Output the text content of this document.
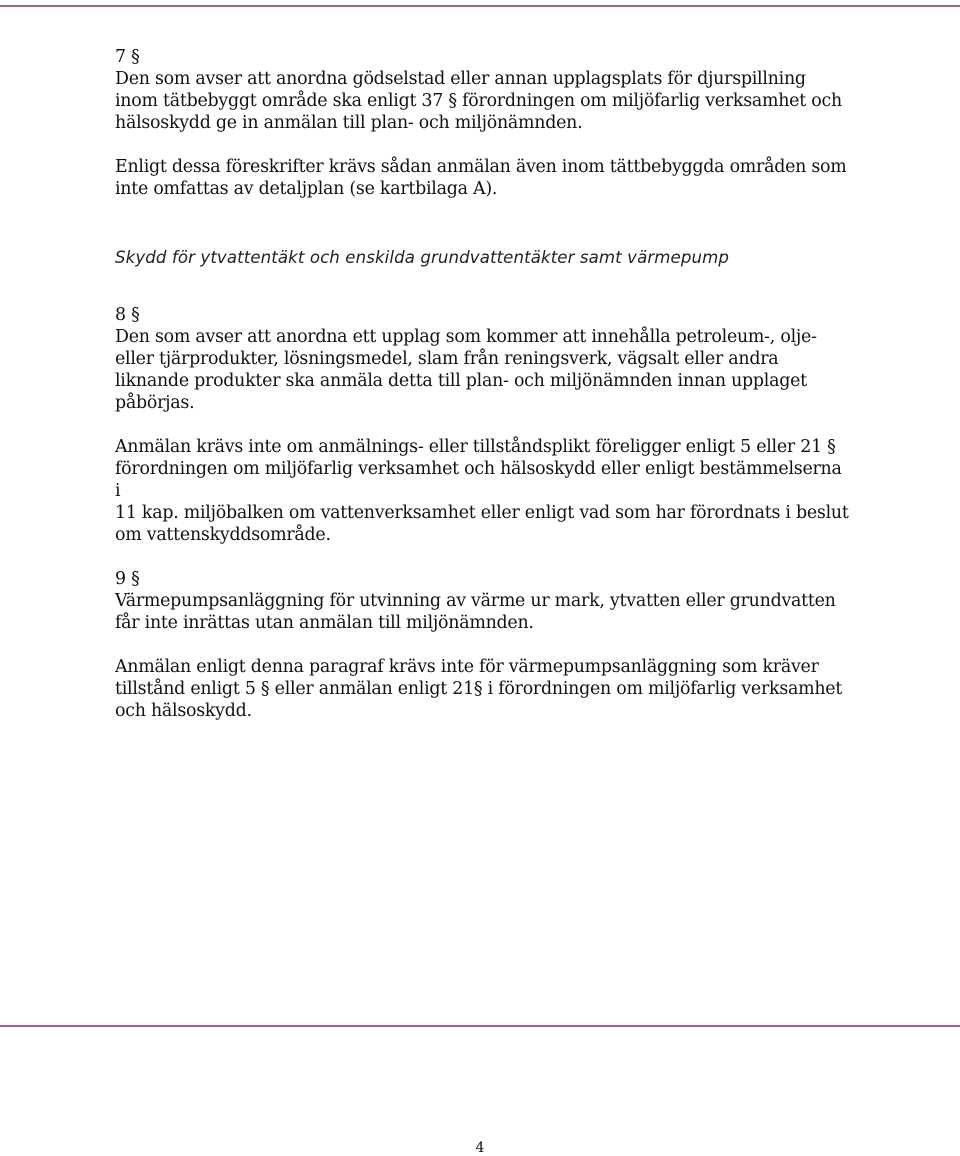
7 §
Den som avser att anordna gödselstad eller annan upplagsplats för djurspillning
inom tätbebyggt område ska enligt 37 § förordningen om miljöfarlig verksamhet och
hälsoskydd ge in anmälan till plan- och miljönämnden.

Enligt dessa föreskrifter krävs sådan anmälan även inom tättbebyggda områden som
inte omfattas av detaljplan (se kartbilaga A).

Skydd för ytvattentäkt och enskilda grundvattentäkter samt värmepump

8 §
Den som avser att anordna ett upplag som kommer att innehålla petroleum-, olje-
eller tjärprodukter, lösningsmedel, slam från reningsverk, vägsalt eller andra
liknande produkter ska anmäla detta till plan- och miljönämnden innan upplaget
påbörjas.

Anmälan krävs inte om anmälnings- eller tillståndsplikt föreligger enligt 5 eller 21 §
förordningen om miljöfarlig verksamhet och hälsoskydd eller enligt bestämmelserna i
11 kap. miljöbalken om vattenverksamhet eller enligt vad som har förordnats i beslut
om vattenskyddsområde.

9 §
Värmepumpsanläggning för utvinning av värme ur mark, ytvatten eller grundvatten
får inte inrättas utan anmälan till miljönämnden.

Anmälan enligt denna paragraf krävs inte för värmepumpsanläggning som kräver
tillstånd enligt 5 § eller anmälan enligt 21§ i förordningen om miljöfarlig verksamhet
och hälsoskydd.

4
